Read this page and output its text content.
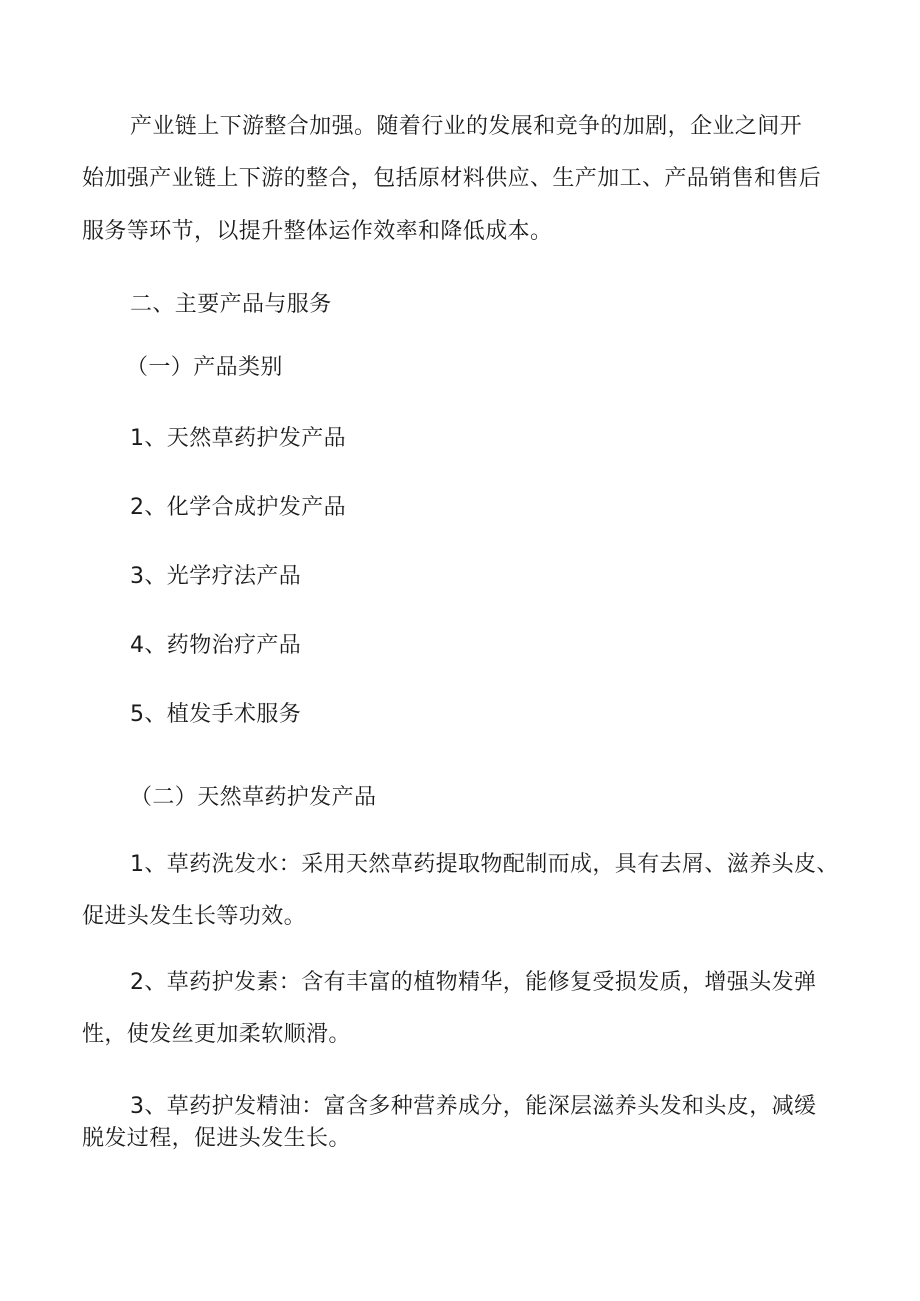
产业链上下游整合加强。随着行业的发展和竞争的加剧，企业之间开
始加强产业链上下游的整合，包括原材料供应、生产加工、产品销售和售后
服务等环节，以提升整体运作效率和降低成本。
二、主要产品与服务
（一）产品类别
1、天然草药护发产品
2、化学合成护发产品
3、光学疗法产品
4、药物治疗产品
5、植发手术服务
（二）天然草药护发产品
1、草药洗发水：采用天然草药提取物配制而成，具有去屑、滋养头皮、
促进头发生长等功效。
2、草药护发素：含有丰富的植物精华，能修复受损发质，增强头发弹
性，使发丝更加柔软顺滑。
3、草药护发精油：富含多种营养成分，能深层滋养头发和头皮，减缓
脱发过程，促进头发生长。
